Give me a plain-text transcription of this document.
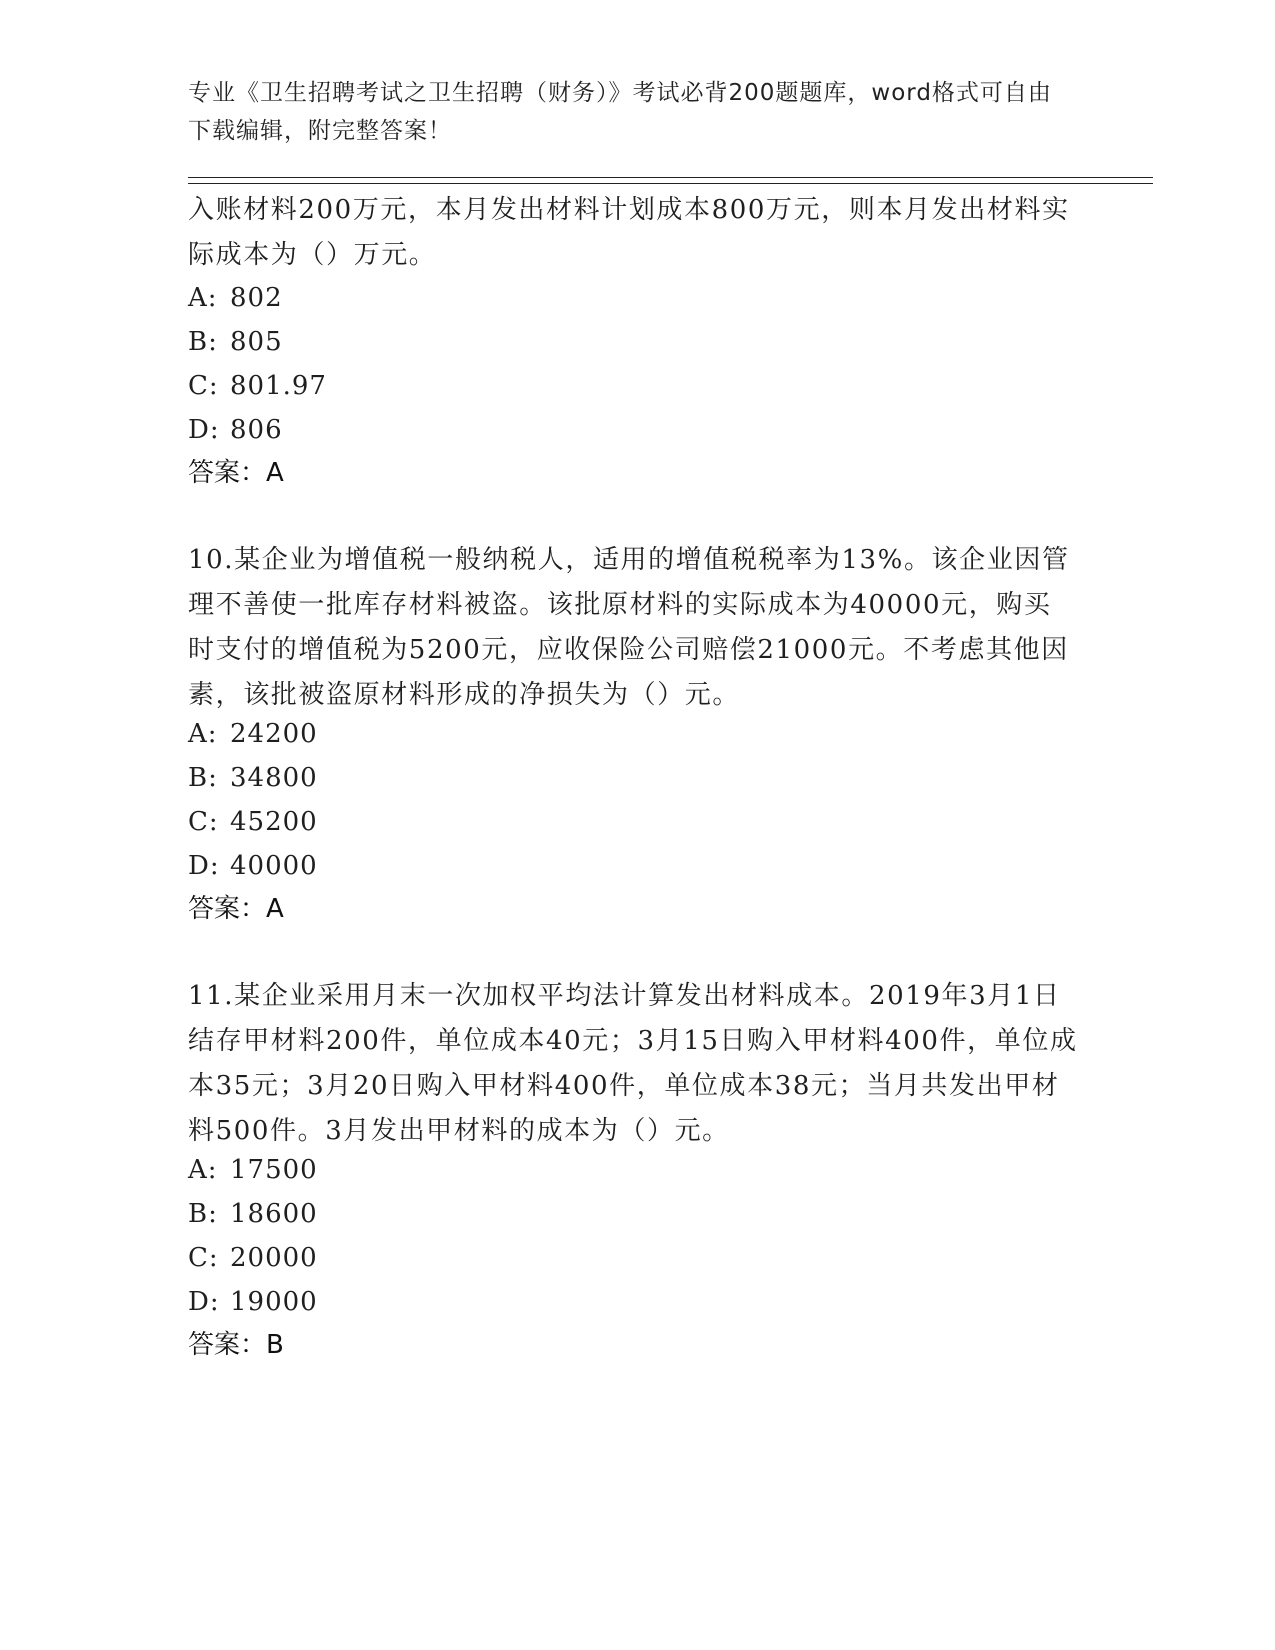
专业《卫生招聘考试之卫生招聘（财务）》考试必背200题题库，word格式可自由下载编辑，附完整答案！
入账材料200万元，本月发出材料计划成本800万元，则本月发出材料实际成本为（）万元。
A: 802
B: 805
C: 801.97
D: 806
答案：A
10.某企业为增值税一般纳税人，适用的增值税税率为13%。该企业因管理不善使一批库存材料被盗。该批原材料的实际成本为40000元，购买时支付的增值税为5200元，应收保险公司赔偿21000元。不考虑其他因素，该批被盗原材料形成的净损失为（）元。
A: 24200
B: 34800
C: 45200
D: 40000
答案：A
11.某企业采用月末一次加权平均法计算发出材料成本。2019年3月1日结存甲材料200件，单位成本40元；3月15日购入甲材料400件，单位成本35元；3月20日购入甲材料400件，单位成本38元；当月共发出甲材料500件。3月发出甲材料的成本为（）元。
A: 17500
B: 18600
C: 20000
D: 19000
答案：B
